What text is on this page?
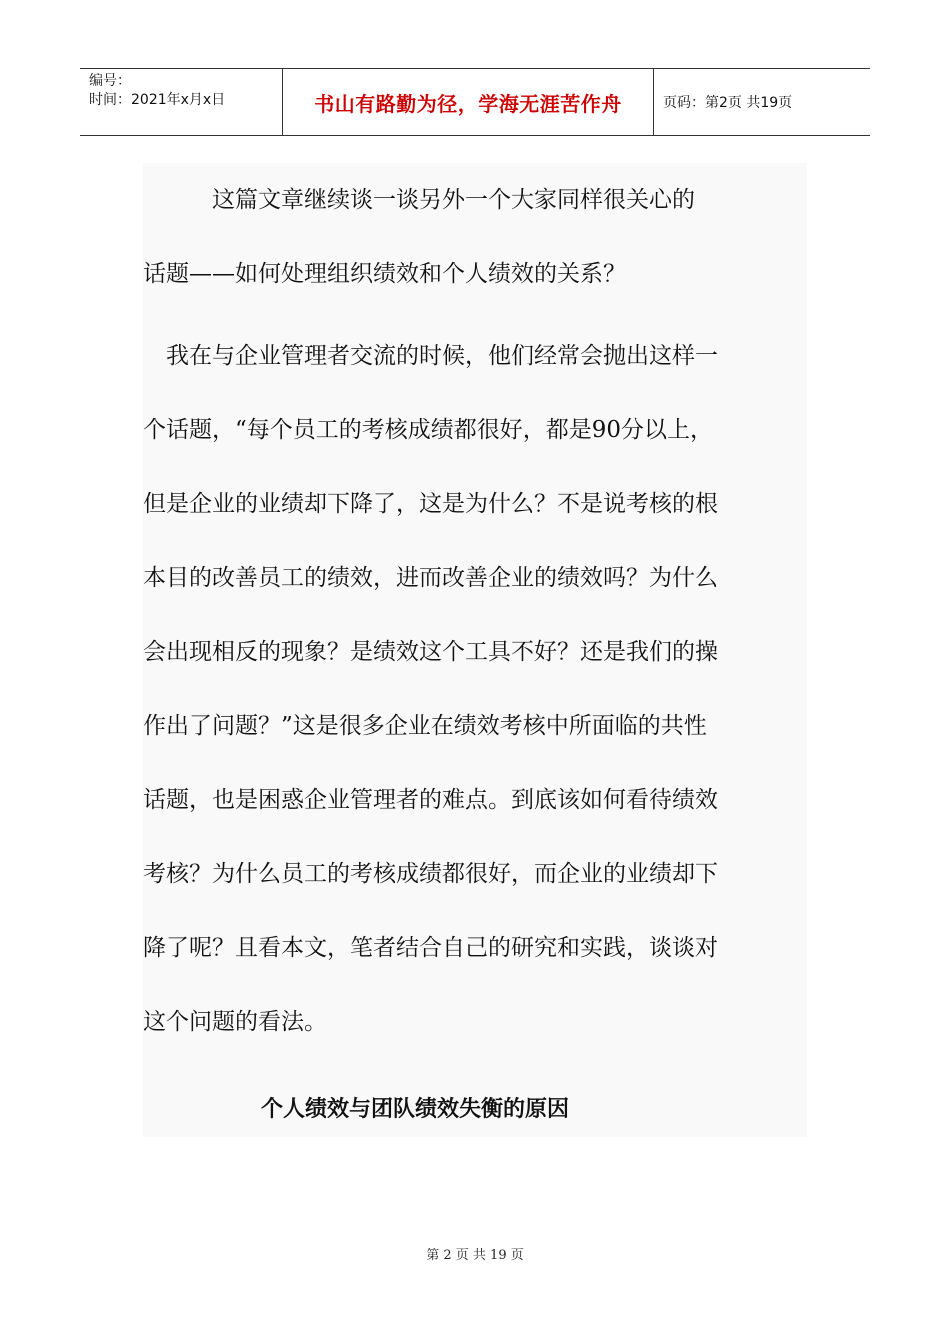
编号：
时间：2021年x月x日	书山有路勤为径，学海无涯苦作舟	页码：第2页 共19页
　　　这篇文章继续谈一谈另外一个大家同样很关心的
话题——如何处理组织绩效和个人绩效的关系？
　我在与企业管理者交流的时候，他们经常会抛出这样一
个话题，“每个员工的考核成绩都很好，都是90分以上，
但是企业的业绩却下降了，这是为什么？不是说考核的根
本目的改善员工的绩效，进而改善企业的绩效吗？为什么
会出现相反的现象？是绩效这个工具不好？还是我们的操
作出了问题？”这是很多企业在绩效考核中所面临的共性
话题，也是困惑企业管理者的难点。到底该如何看待绩效
考核？为什么员工的考核成绩都很好，而企业的业绩却下
降了呢？且看本文，笔者结合自己的研究和实践，谈谈对
这个问题的看法。
个人绩效与团队绩效失衡的原因
第 2 页 共 19 页
